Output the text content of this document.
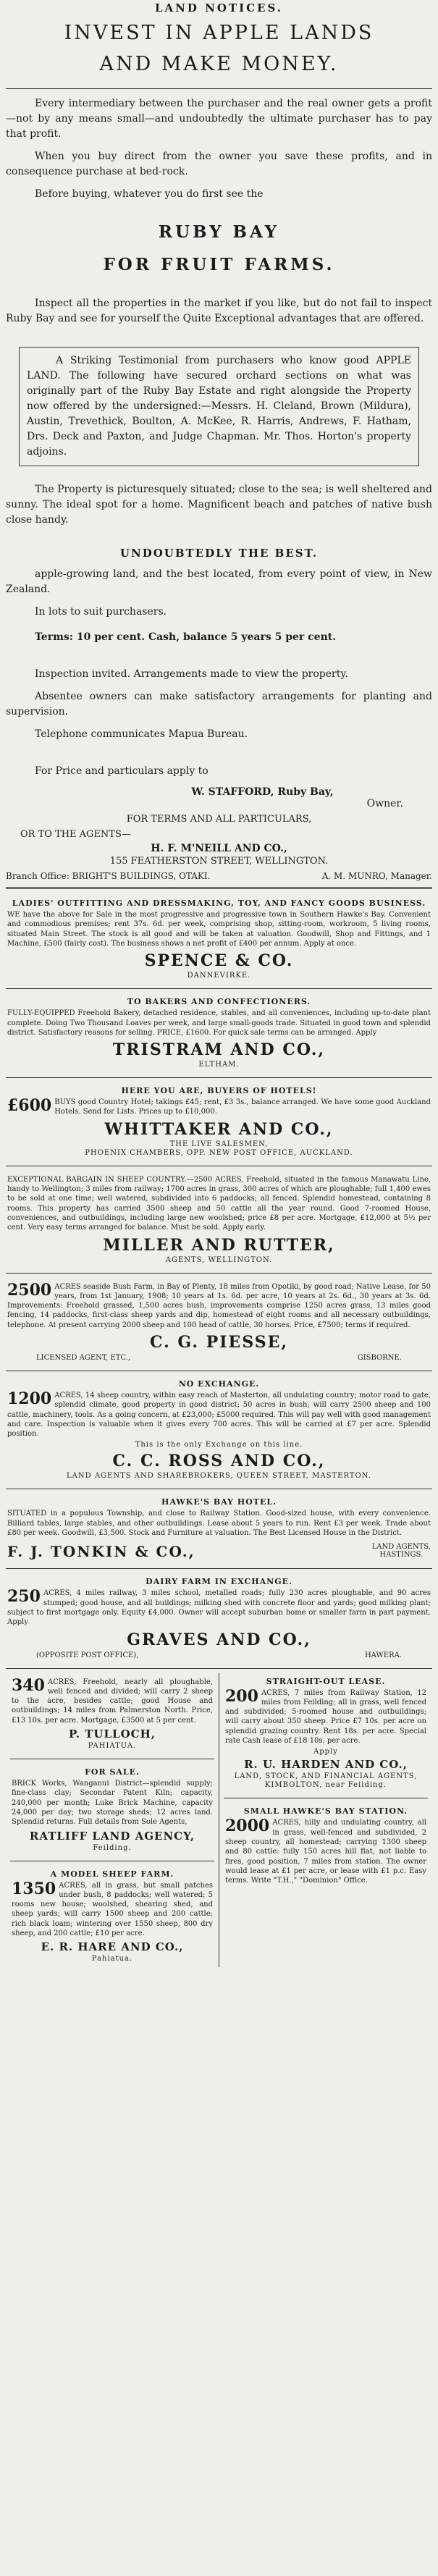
LAND NOTICES.
INVEST IN APPLE LANDS
AND MAKE MONEY.

Every intermediary between the purchaser and the real owner gets a profit—not by any means small—and undoubtedly the ultimate purchaser has to pay that profit.

When you buy direct from the owner you save these profits, and in consequence purchase at bed-rock.

Before buying, whatever you do first see the

RUBY BAY
FOR FRUIT FARMS.

Inspect all the properties in the market if you like, but do not fail to inspect Ruby Bay and see for yourself the Quite Exceptional advantages that are offered.

A Striking Testimonial from purchasers who know good APPLE LAND. The following have secured orchard sections on what was originally part of the Ruby Bay Estate and right alongside the Property now offered by the undersigned:—Messrs. H. Cleland, Brown (Mildura), Austin, Trevethick, Boulton, A. McKee, R. Harris, Andrews, F. Hatham, Drs. Deck and Paxton, and Judge Chapman. Mr. Thos. Horton's property adjoins.

The Property is picturesquely situated; close to the sea; is well sheltered and sunny. The ideal spot for a home. Magnificent beach and patches of native bush close handy.

UNDOUBTEDLY THE BEST.

apple-growing land, and the best located, from every point of view, in New Zealand.

In lots to suit purchasers.

Terms: 10 per cent. Cash, balance 5 years 5 per cent.

Inspection invited. Arrangements made to view the property.

Absentee owners can make satisfactory arrangements for planting and supervision.

Telephone communicates Mapua Bureau.

For Price and particulars apply to

W. STAFFORD, Ruby Bay,
Owner.
FOR TERMS AND ALL PARTICULARS,
OR TO THE AGENTS—
H. F. M'NEILL AND CO.,
155 FEATHERSTON STREET, WELLINGTON.
Branch Office: BRIGHT'S BUILDINGS, OTAKI.	A. M. MUNRO, Manager.
LADIES' OUTFITTING AND DRESSMAKING, TOY, AND FANCY GOODS BUSINESS.

WE have the above for Sale in the most progressive and progressive town in Southern Hawke's Bay. Convenient and commodious premises; rent 37s. 6d. per week, comprising shop, sitting-room, workroom, 5 living rooms, situated Main Street. The stock is all good and will be taken at valuation. Goodwill, Shop and Fittings, and 1 Machine, £500 (fairly cost). The business shows a net profit of £400 per annum. Apply at once.

SPENCE & CO.
DANNEVIRKE.
TO BAKERS AND CONFECTIONERS.

FULLY-EQUIPPED Freehold Bakery, detached residence, stables, and all conveniences, including up-to-date plant complete. Doing Two Thousand Loaves per week, and large small-goods trade. Situated in good town and splendid district. Satisfactory reasons for selling. PRICE, £1600. For quick sale terms can be arranged. Apply

TRISTRAM AND CO.,
ELTHAM.
HERE YOU ARE, BUYERS OF HOTELS!

£600 BUYS good Country Hotel; takings £45; rent, £3 3s., balance arranged. We have some good Auckland Hotels. Send for Lists. Prices up to £10,000.

WHITTAKER AND CO.,
THE LIVE SALESMEN,
PHOENIX CHAMBERS, OPP. NEW POST OFFICE, AUCKLAND.

EXCEPTIONAL BARGAIN IN SHEEP COUNTRY.—2500 ACRES, Freehold, situated in the famous Manawatu Line, handy to Wellington; 3 miles from railway; 1700 acres in grass, 300 acres of which are ploughable; full 1,400 ewes to be sold at one time; well watered, subdivided into 6 paddocks; all fenced. Splendid homestead, containing 8 rooms. This property has carried 3500 sheep and 50 cattle all the year round. Good 7-roomed House, conveniences, and outbuildings, including large new woolshed; price £8 per acre. Mortgage, £12,000 at 5½ per cent. Very easy terms arranged for balance. Must be sold. Apply early.

MILLER AND RUTTER,
AGENTS, WELLINGTON.

2500 ACRES seaside Bush Farm, in Bay of Plenty, 18 miles from Opotiki, by good road; Native Lease, for 50 years, from 1st January, 1908; 10 years at 1s. 6d. per acre, 10 years at 2s. 6d., 30 years at 3s. 6d. Improvements: Freehold grassed, 1,500 acres bush, improvements comprise 1250 acres grass, 13 miles good fencing, 14 paddocks, first-class sheep yards and dip, homestead of eight rooms and all necessary outbuildings, telephone. At present carrying 2000 sheep and 100 head of cattle, 30 horses. Price, £7500; terms if required.

C. G. PIESSE,
LICENSED AGENT, ETC.,	GISBORNE.
NO EXCHANGE.

1200 ACRES, 14 sheep country, within easy reach of Masterton, all undulating country; motor road to gate, splendid climate, good property in good district; 50 acres in bush; will carry 2500 sheep and 100 cattle, machinery, tools. As a going concern, at £23,000; £5000 required. This will pay well with good management and care. Inspection is valuable when it gives every 700 acres. This will be carried at £7 per acre. Splendid position.

This is the only Exchange on this line.
C. C. ROSS AND CO.,
LAND AGENTS AND SHAREBROKERS, QUEEN STREET, MASTERTON.
HAWKE'S BAY HOTEL.

SITUATED in a populous Township, and close to Railway Station. Good-sized house, with every convenience. Billiard tables, large stables, and other outbuildings. Lease about 5 years to run. Rent £3 per week. Trade about £80 per week. Goodwill, £3,500. Stock and Furniture at valuation. The Best Licensed House in the District.

F. J. TONKIN & CO.,	LAND AGENTS,
HASTINGS.
DAIRY FARM IN EXCHANGE.

250 ACRES, 4 miles railway, 3 miles school, metalled roads; fully 230 acres ploughable, and 90 acres stumped; good house, and all buildings; milking shed with concrete floor and yards; good milking plant; subject to first mortgage only. Equity £4,000. Owner will accept suburban home or smaller farm in part payment. Apply

GRAVES AND CO.,
(OPPOSITE POST OFFICE),	HAWERA.

340 ACRES, Freehold, nearly all ploughable, well fenced and divided; will carry 2 sheep to the acre, besides cattle; good House and outbuildings; 14 miles from Palmerston North. Price, £13 10s. per acre. Mortgage, £3500 at 5 per cent.

P. TULLOCH,
PAHIATUA.
FOR SALE.

BRICK Works, Wanganui District—splendid supply; fine-class clay; Secondar Patent Kiln; capacity, 240,000 per month; Luke Brick Machine, capacity 24,000 per day; two storage sheds; 12 acres land. Splendid returns. Full details from Sole Agents,

RATLIFF LAND AGENCY,
Feilding.
A MODEL SHEEP FARM.

1350 ACRES, all in grass, but small patches under bush, 8 paddocks; well watered; 5 rooms new house; woolshed, shearing shed, and sheep yards; will carry 1500 sheep and 200 cattle; rich black loam; wintering over 1550 sheep, 800 dry sheep, and 200 cattle; £10 per acre.

E. R. HARE AND CO.,
Pahiatua.
STRAIGHT-OUT LEASE.

200 ACRES, 7 miles from Railway Station, 12 miles from Feilding; all in grass, well fenced and subdivided; 5-roomed house and outbuildings; will carry about 350 sheep. Price £7 10s. per acre on splendid grazing country. Rent 18s. per acre. Special rate Cash lease of £18 10s. per acre.

Apply
R. U. HARDEN AND CO.,
LAND, STOCK, AND FINANCIAL AGENTS,
KIMBOLTON, near Feilding.
SMALL HAWKE'S BAY STATION.

2000 ACRES, hilly and undulating country, all in grass, well-fenced and subdivided, 2 sheep country, all homestead; carrying 1300 sheep and 80 cattle: fully 150 acres hill flat, not liable to fires, good position, 7 miles from station. The owner would lease at £1 per acre, or lease with £1 p.c. Easy terms. Write "T.H.," "Dominion" Office.
